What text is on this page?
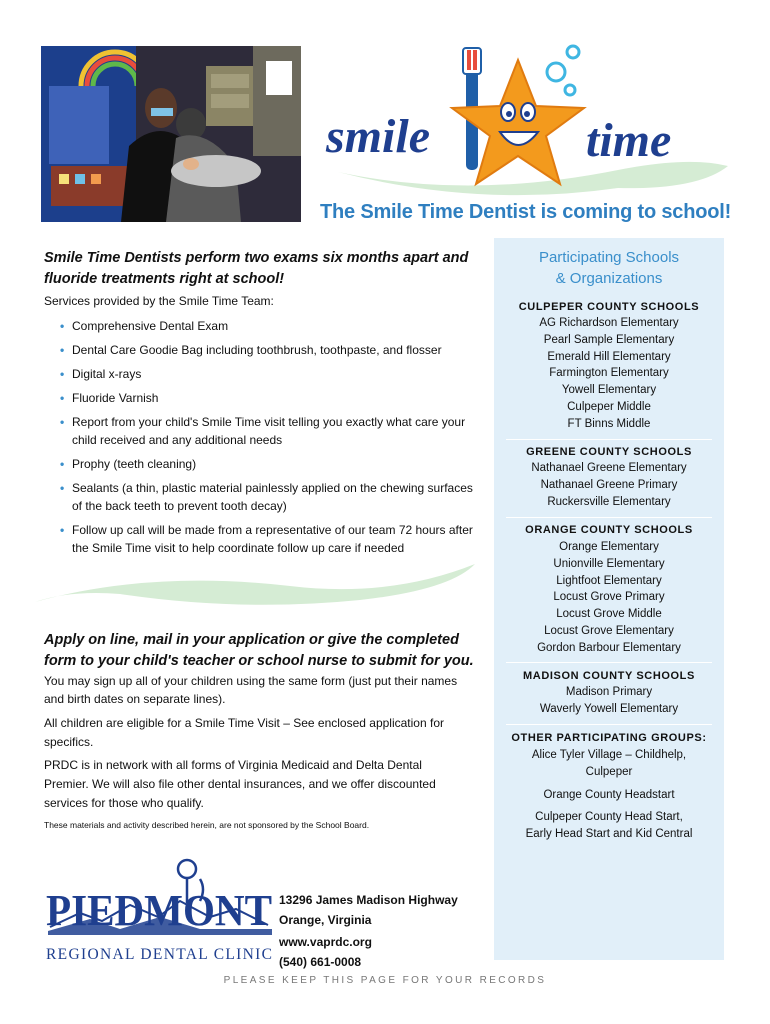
smile	time
The Smile Time Dentist is coming to school!
Smile Time Dentists perform two exams six months apart and fluoride treatments right at school!
Services provided by the Smile Time Team:
• Comprehensive Dental Exam
• Dental Care Goodie Bag including toothbrush, toothpaste, and flosser
• Digital x-rays
• Fluoride Varnish
• Report from your child's Smile Time visit telling you exactly what care your child received and any additional needs
• Prophy (teeth cleaning)
• Sealants (a thin, plastic material painlessly applied on the chewing surfaces of the back teeth to prevent tooth decay)
• Follow up call will be made from a representative of our team 72 hours after the Smile Time visit to help coordinate follow up care if needed
Apply on line, mail in your application or give the completed form to your child's teacher or school nurse to submit for you. You may sign up all of your children using the same form (just put their names and birth dates on separate lines).
All children are eligible for a Smile Time Visit – See enclosed application for specifics.
PRDC is in network with all forms of Virginia Medicaid and Delta Dental Premier. We will also file other dental insurances, and we offer discounted services for those who qualify.
These materials and activity described herein, are not sponsored by the School Board.
Participating Schools
& Organizations
CULPEPER COUNTY SCHOOLS
AG Richardson Elementary
Pearl Sample Elementary
Emerald Hill Elementary
Farmington Elementary
Yowell Elementary
Culpeper Middle
FT Binns Middle
GREENE COUNTY SCHOOLS
Nathanael Greene Elementary
Nathanael Greene Primary
Ruckersville Elementary
ORANGE COUNTY SCHOOLS
Orange Elementary
Unionville Elementary
Lightfoot Elementary
Locust Grove Primary
Locust Grove Middle
Locust Grove Elementary
Gordon Barbour Elementary
MADISON COUNTY SCHOOLS
Madison Primary
Waverly Yowell Elementary
OTHER PARTICIPATING GROUPS:
Alice Tyler Village – Childhelp,
Culpeper
Orange County Headstart
Culpeper County Head Start,
Early Head Start and Kid Central
PIEDMONT
REGIONAL DENTAL CLINIC
13296 James Madison Highway
Orange, Virginia
www.vaprdc.org
(540) 661-0008
PLEASE KEEP THIS PAGE FOR YOUR RECORDS
